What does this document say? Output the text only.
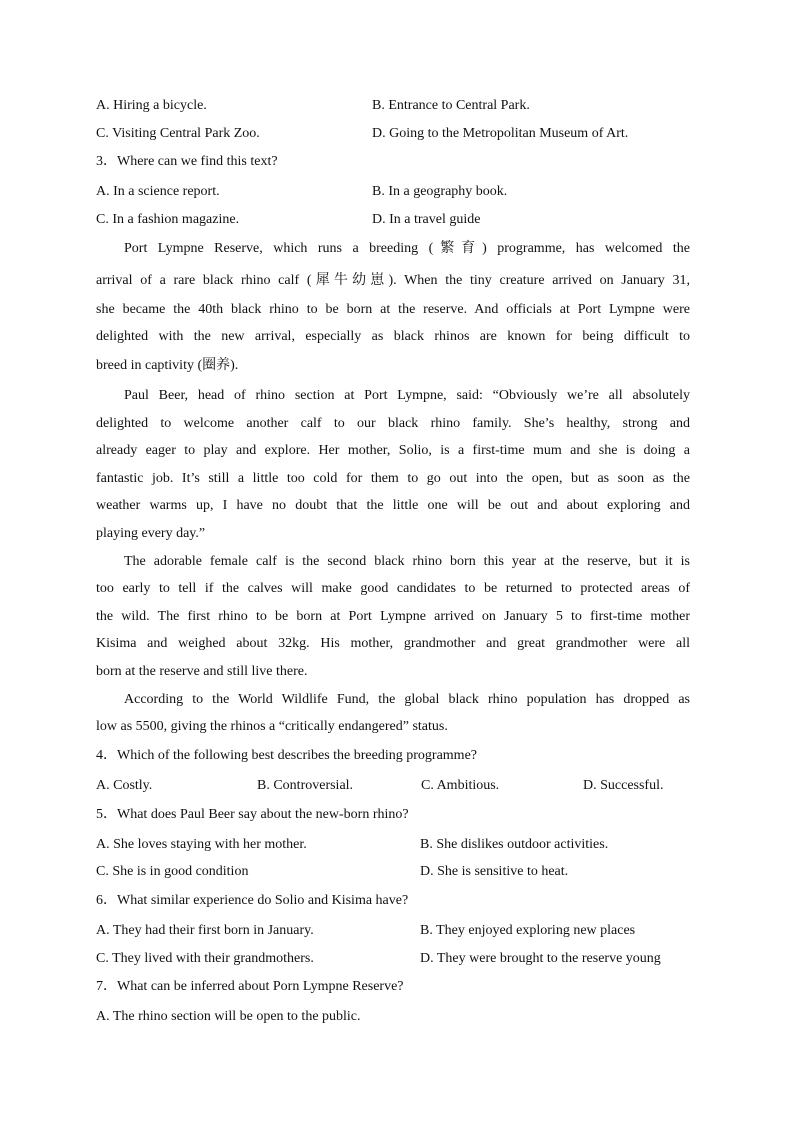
A. Hiring a bicycle.	B. Entrance to Central Park.
C. Visiting Central Park Zoo.	D. Going to the Metropolitan Museum of Art.
3．Where can we find this text?
A. In a science report.	B. In a geography book.
C. In a fashion magazine.	D. In a travel guide
Port Lympne Reserve, which runs a breeding (繁育) programme, has welcomed the
arrival of a rare black rhino calf (犀牛幼崽). When the tiny creature arrived on January 31,
she became the 40th black rhino to be born at the reserve. And officials at Port Lympne were
delighted with the new arrival, especially as black rhinos are known for being difficult to
breed in captivity (圈养).
Paul Beer, head of rhino section at Port Lympne, said: “Obviously we’re all absolutely
delighted to welcome another calf to our black rhino family. She’s healthy, strong and
already eager to play and explore. Her mother, Solio, is a first-time mum and she is doing a
fantastic job. It’s still a little too cold for them to go out into the open, but as soon as the
weather warms up, I have no doubt that the little one will be out and about exploring and
playing every day.”
The adorable female calf is the second black rhino born this year at the reserve, but it is
too early to tell if the calves will make good candidates to be returned to protected areas of
the wild. The first rhino to be born at Port Lympne arrived on January 5 to first-time mother
Kisima and weighed about 32kg. His mother, grandmother and great grandmother were all
born at the reserve and still live there.
According to the World Wildlife Fund, the global black rhino population has dropped as
low as 5500, giving the rhinos a “critically endangered” status.
4．Which of the following best describes the breeding programme?
A. Costly.	B. Controversial.	C. Ambitious.	D. Successful.
5．What does Paul Beer say about the new-born rhino?
A. She loves staying with her mother.	B. She dislikes outdoor activities.
C. She is in good condition	D. She is sensitive to heat.
6．What similar experience do Solio and Kisima have?
A. They had their first born in January.	B. They enjoyed exploring new places
C. They lived with their grandmothers.	D. They were brought to the reserve young
7．What can be inferred about Porn Lympne Reserve?
A. The rhino section will be open to the public.
